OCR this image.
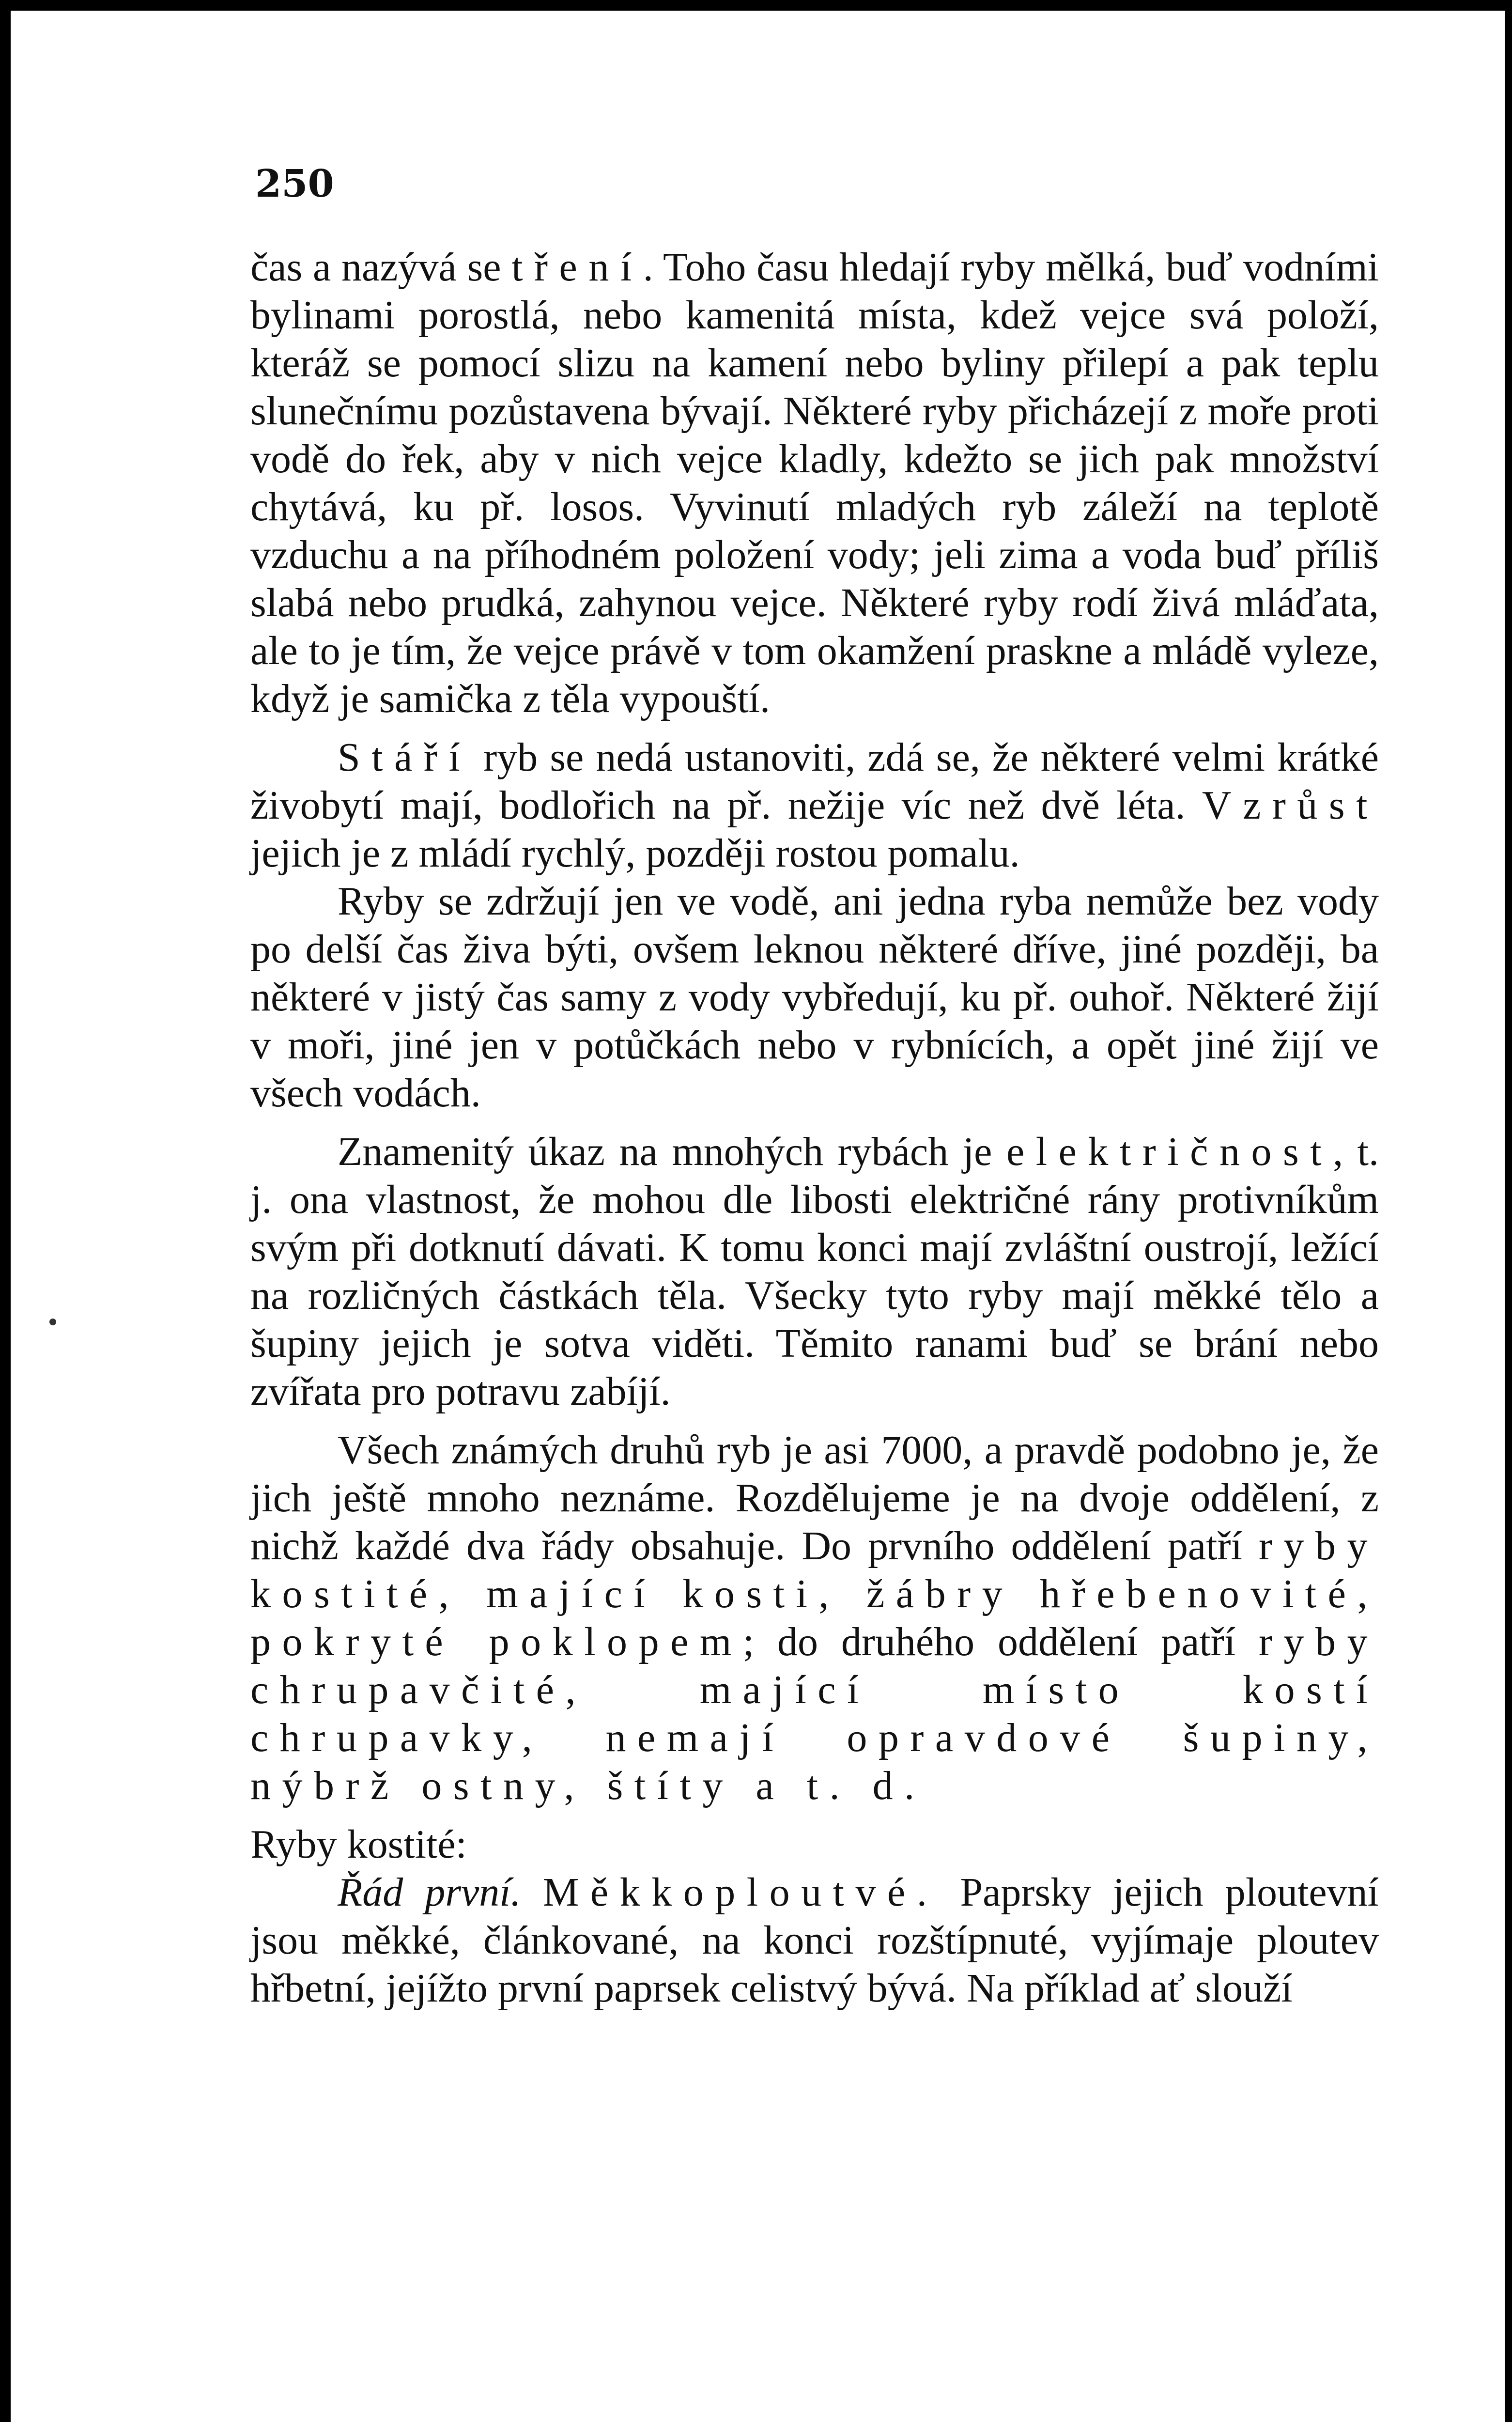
250

čas a nazývá se tření. Toho času hledají ryby mělká, buď vodními bylinami porostlá, nebo kamenitá místa, kdež vejce svá položí, kteráž se pomocí slizu na kamení nebo byliny přilepí a pak teplu slunečnímu pozůstavena bývají. Některé ryby přicházejí z moře proti vodě do řek, aby v nich vejce kladly, kdežto se jich pak množství chytává, ku př. losos. Vyvinutí mladých ryb záleží na teplotě vzduchu a na příhodném položení vody; jeli zima a voda buď příliš slabá nebo prudká, zahynou vejce. Některé ryby rodí živá mláďata, ale to je tím, že vejce právě v tom okamžení praskne a mládě vyleze, když je samička z těla vypouští.

Stáří ryb se nedá ustanoviti, zdá se, že některé velmi krátké živobytí mají, bodlořich na př. nežije víc než dvě léta. Vzrůst jejich je z mládí rychlý, později rostou pomalu.

Ryby se zdržují jen ve vodě, ani jedna ryba nemůže bez vody po delší čas živa býti, ovšem leknou některé dříve, jiné později, ba některé v jistý čas samy z vody vybředují, ku př. ouhoř. Některé žijí v moři, jiné jen v potůčkách nebo v rybnících, a opět jiné žijí ve všech vodách.

Znamenitý úkaz na mnohých rybách je električnost, t. j. ona vlastnost, že mohou dle libosti električné rány protivníkům svým při dotknutí dávati. K tomu konci mají zvláštní oustrojí, ležící na rozličných částkách těla. Všecky tyto ryby mají měkké tělo a šupiny jejich je sotva viděti. Těmito ranami buď se brání nebo zvířata pro potravu zabíjí.

Všech známých druhů ryb je asi 7000, a pravdě podobno je, že jich ještě mnoho neznáme. Rozdělujeme je na dvoje oddělení, z nichž každé dva řády obsahuje. Do prvního oddělení patří ryby kostité, mající kosti, žábry hřebenovité, pokryté poklopem; do druhého oddělení patří ryby chrupavčité, mající místo kostí chrupavky, nemají opravdové šupiny, nýbrž ostny, štíty a t. d.

Ryby kostité:

Řád první. Měkkoploutvé. Paprsky jejich ploutevní jsou měkké, článkované, na konci rozštípnuté, vyjímaje ploutev hřbetní, jejížto první paprsek celistvý bývá. Na příklad ať slouží
